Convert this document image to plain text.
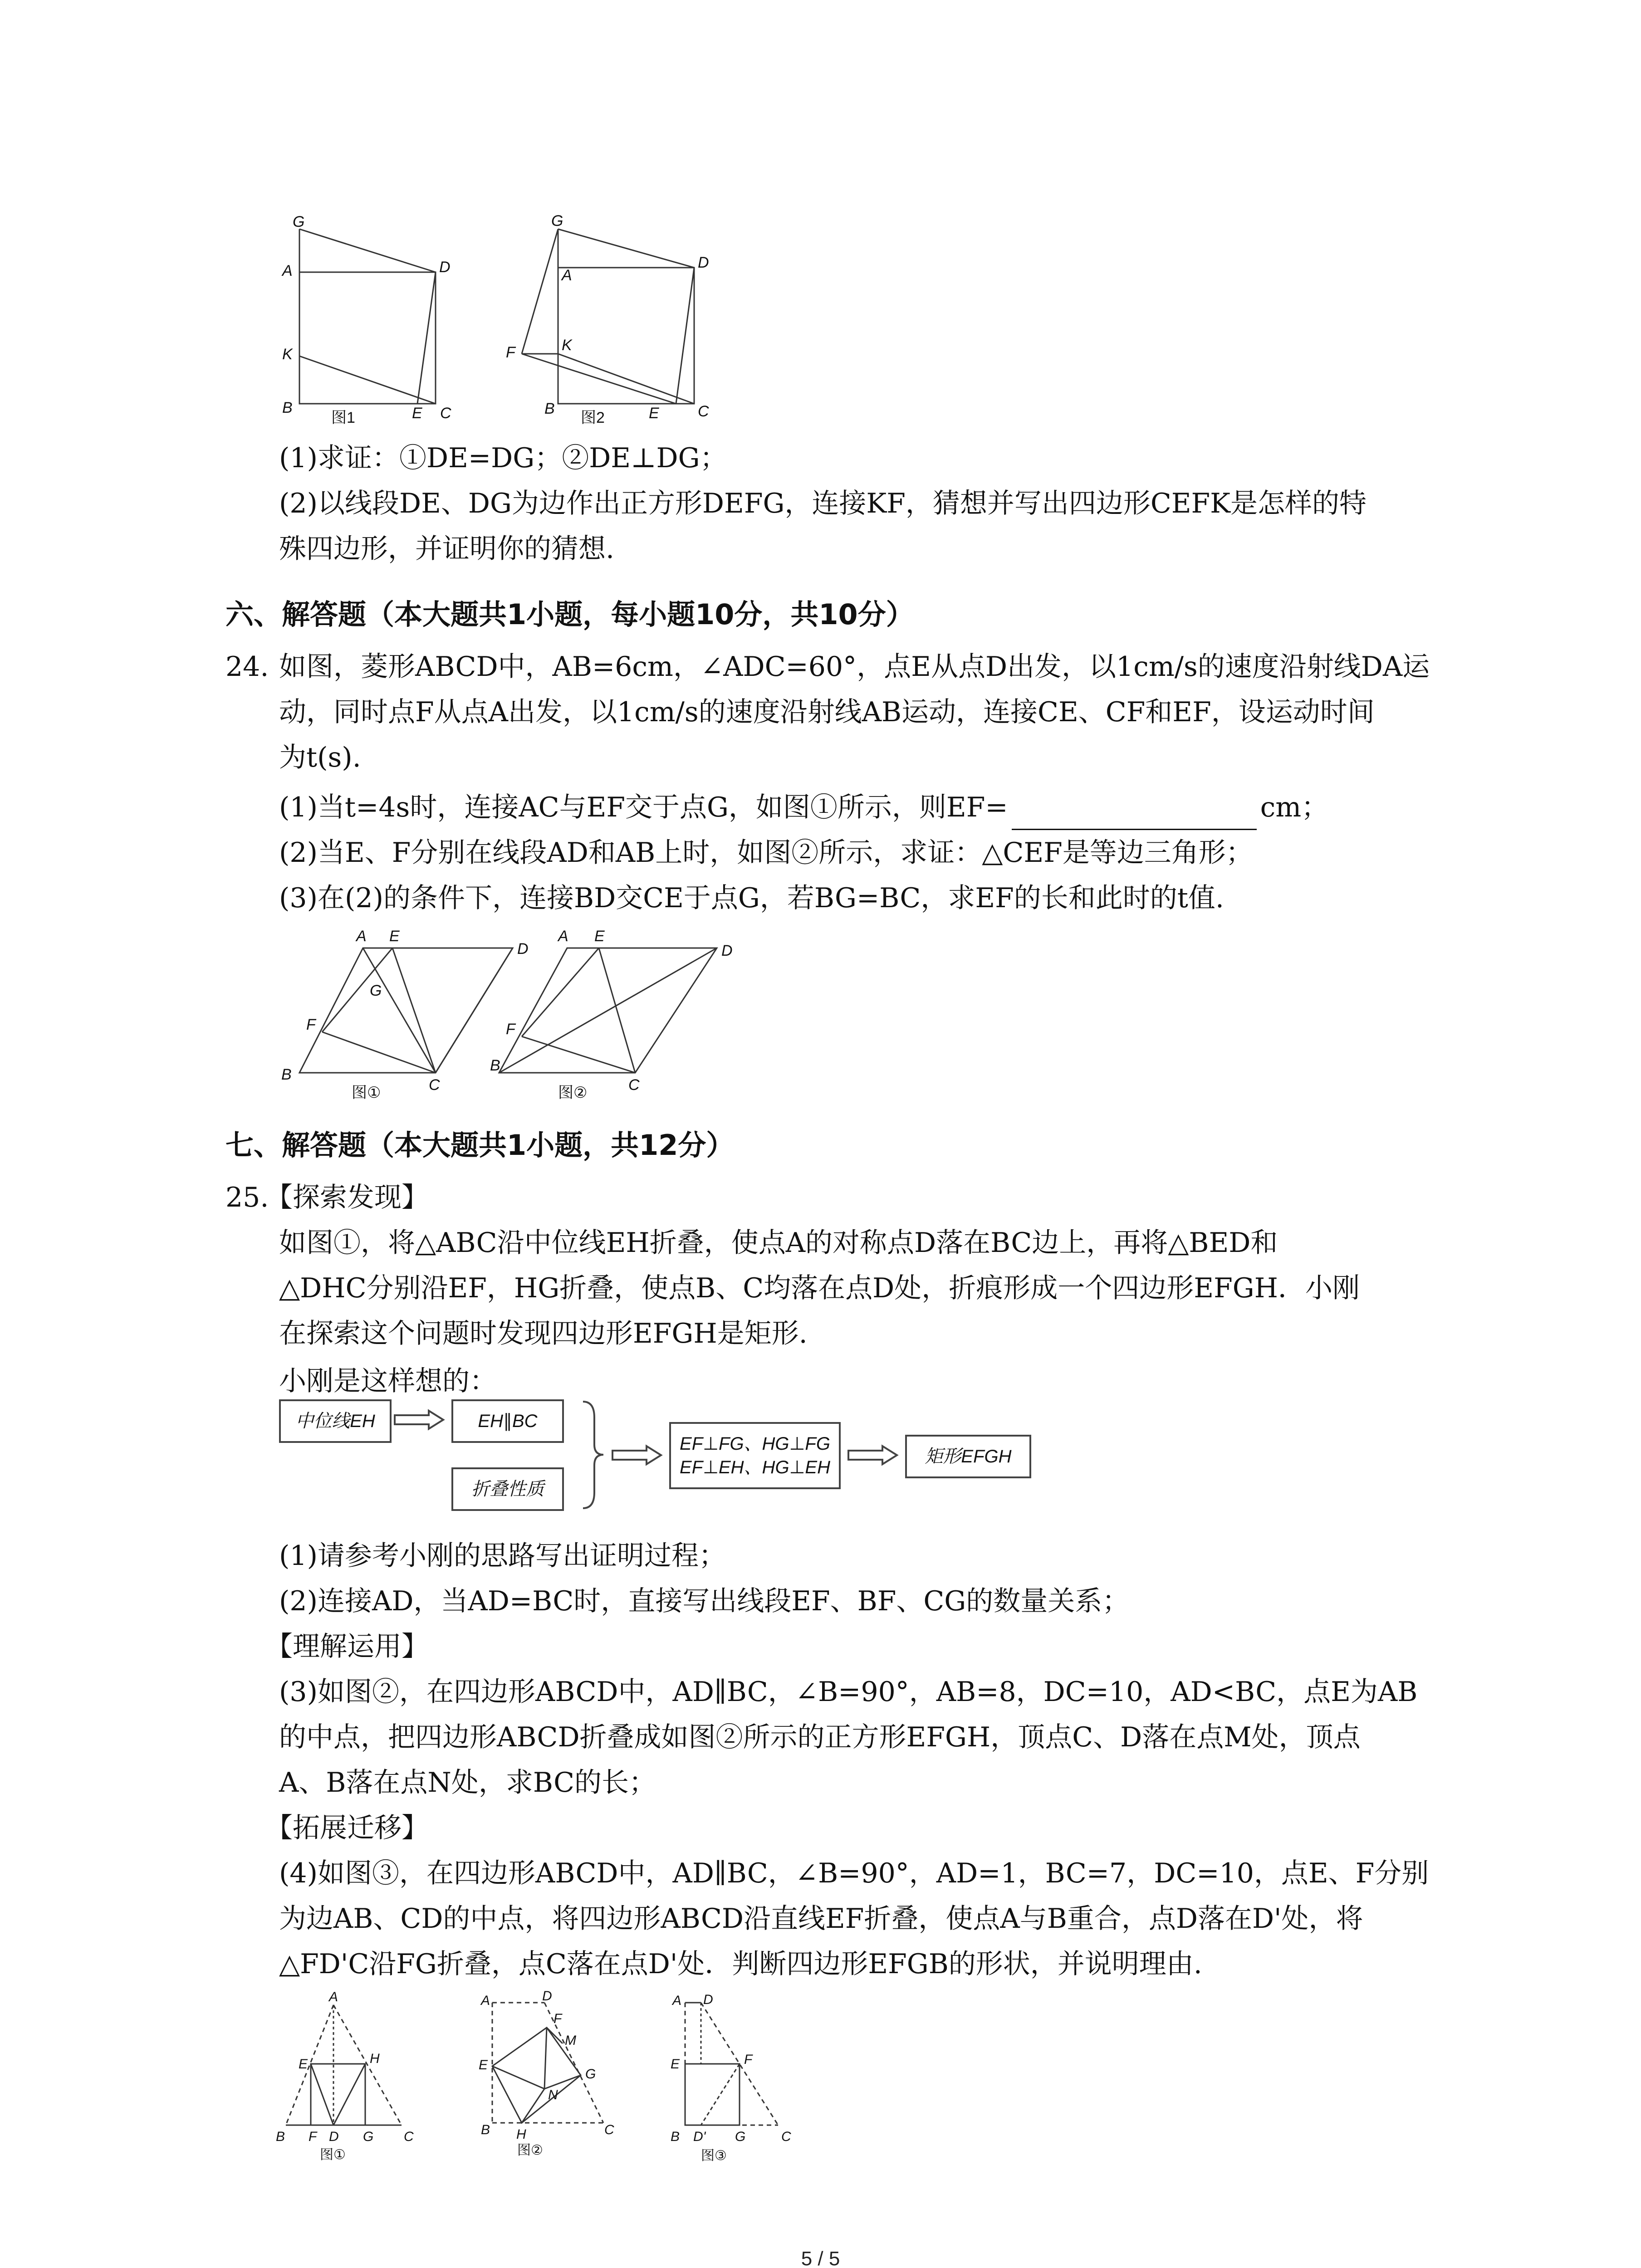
G
A	D
K
B	E C
图1
G
A
D
F	K
B	E	C
图2
(1)求证：①DE=DG；②DE⊥DG；
(2)以线段DE、DG为边作出正方形DEFG，连接KF，猜想并写出四边形CEFK是怎样的特
殊四边形，并证明你的猜想.
六、解答题（本大题共1小题，每小题10分，共10分）
24. 如图，菱形ABCD中，AB=6cm，∠ADC=60°，点E从点D出发，以1cm/s的速度沿射线DA运
动，同时点F从点A出发，以1cm/s的速度沿射线AB运动，连接CE、CF和EF，设运动时间
为t(s).
(1)当t=4s时，连接AC与EF交于点G，如图①所示，则EF=	cm；
(2)当E、F分别在线段AD和AB上时，如图②所示，求证：△CEF是等边三角形；
(3)在(2)的条件下，连接BD交CE于点G，若BG=BC，求EF的长和此时的t值.
A E
D
G
F
B
C
图①
A E
D
F
B
C
图②
七、解答题（本大题共1小题，共12分）
25.
【探索发现】
如图①，将△ABC沿中位线EH折叠，使点A的对称点D落在BC边上，再将△BED和
△DHC分别沿EF，HG折叠，使点B、C均落在点D处，折痕形成一个四边形EFGH．小刚
在探索这个问题时发现四边形EFGH是矩形.
小刚是这样想的：
中位线EH	EH∥BC
折叠性质
EF⊥FG、HG⊥FG
EF⊥EH、HG⊥EH
矩形EFGH
(1)请参考小刚的思路写出证明过程；
(2)连接AD，当AD=BC时，直接写出线段EF、BF、CG的数量关系；
【理解运用】
(3)如图②，在四边形ABCD中，AD∥BC，∠B=90°，AB=8，DC=10，AD<BC，点E为AB
的中点，把四边形ABCD折叠成如图②所示的正方形EFGH，顶点C、D落在点M处，顶点
A、B落在点N处，求BC的长；
【拓展迁移】
(4)如图③，在四边形ABCD中，AD∥BC，∠B=90°，AD=1，BC=7，DC=10，点E、F分别
为边AB、CD的中点，将四边形ABCD沿直线EF折叠，使点A与B重合，点D落在D'处，将
△FD'C沿FG折叠，点C落在点D'处．判断四边形EFGB的形状，并说明理由.
A
E	H
B F D G C
图①
A	D
F
M
E
G
N
B H	C
图②
A D
E	F
B D' G	C
图③
5 / 5
